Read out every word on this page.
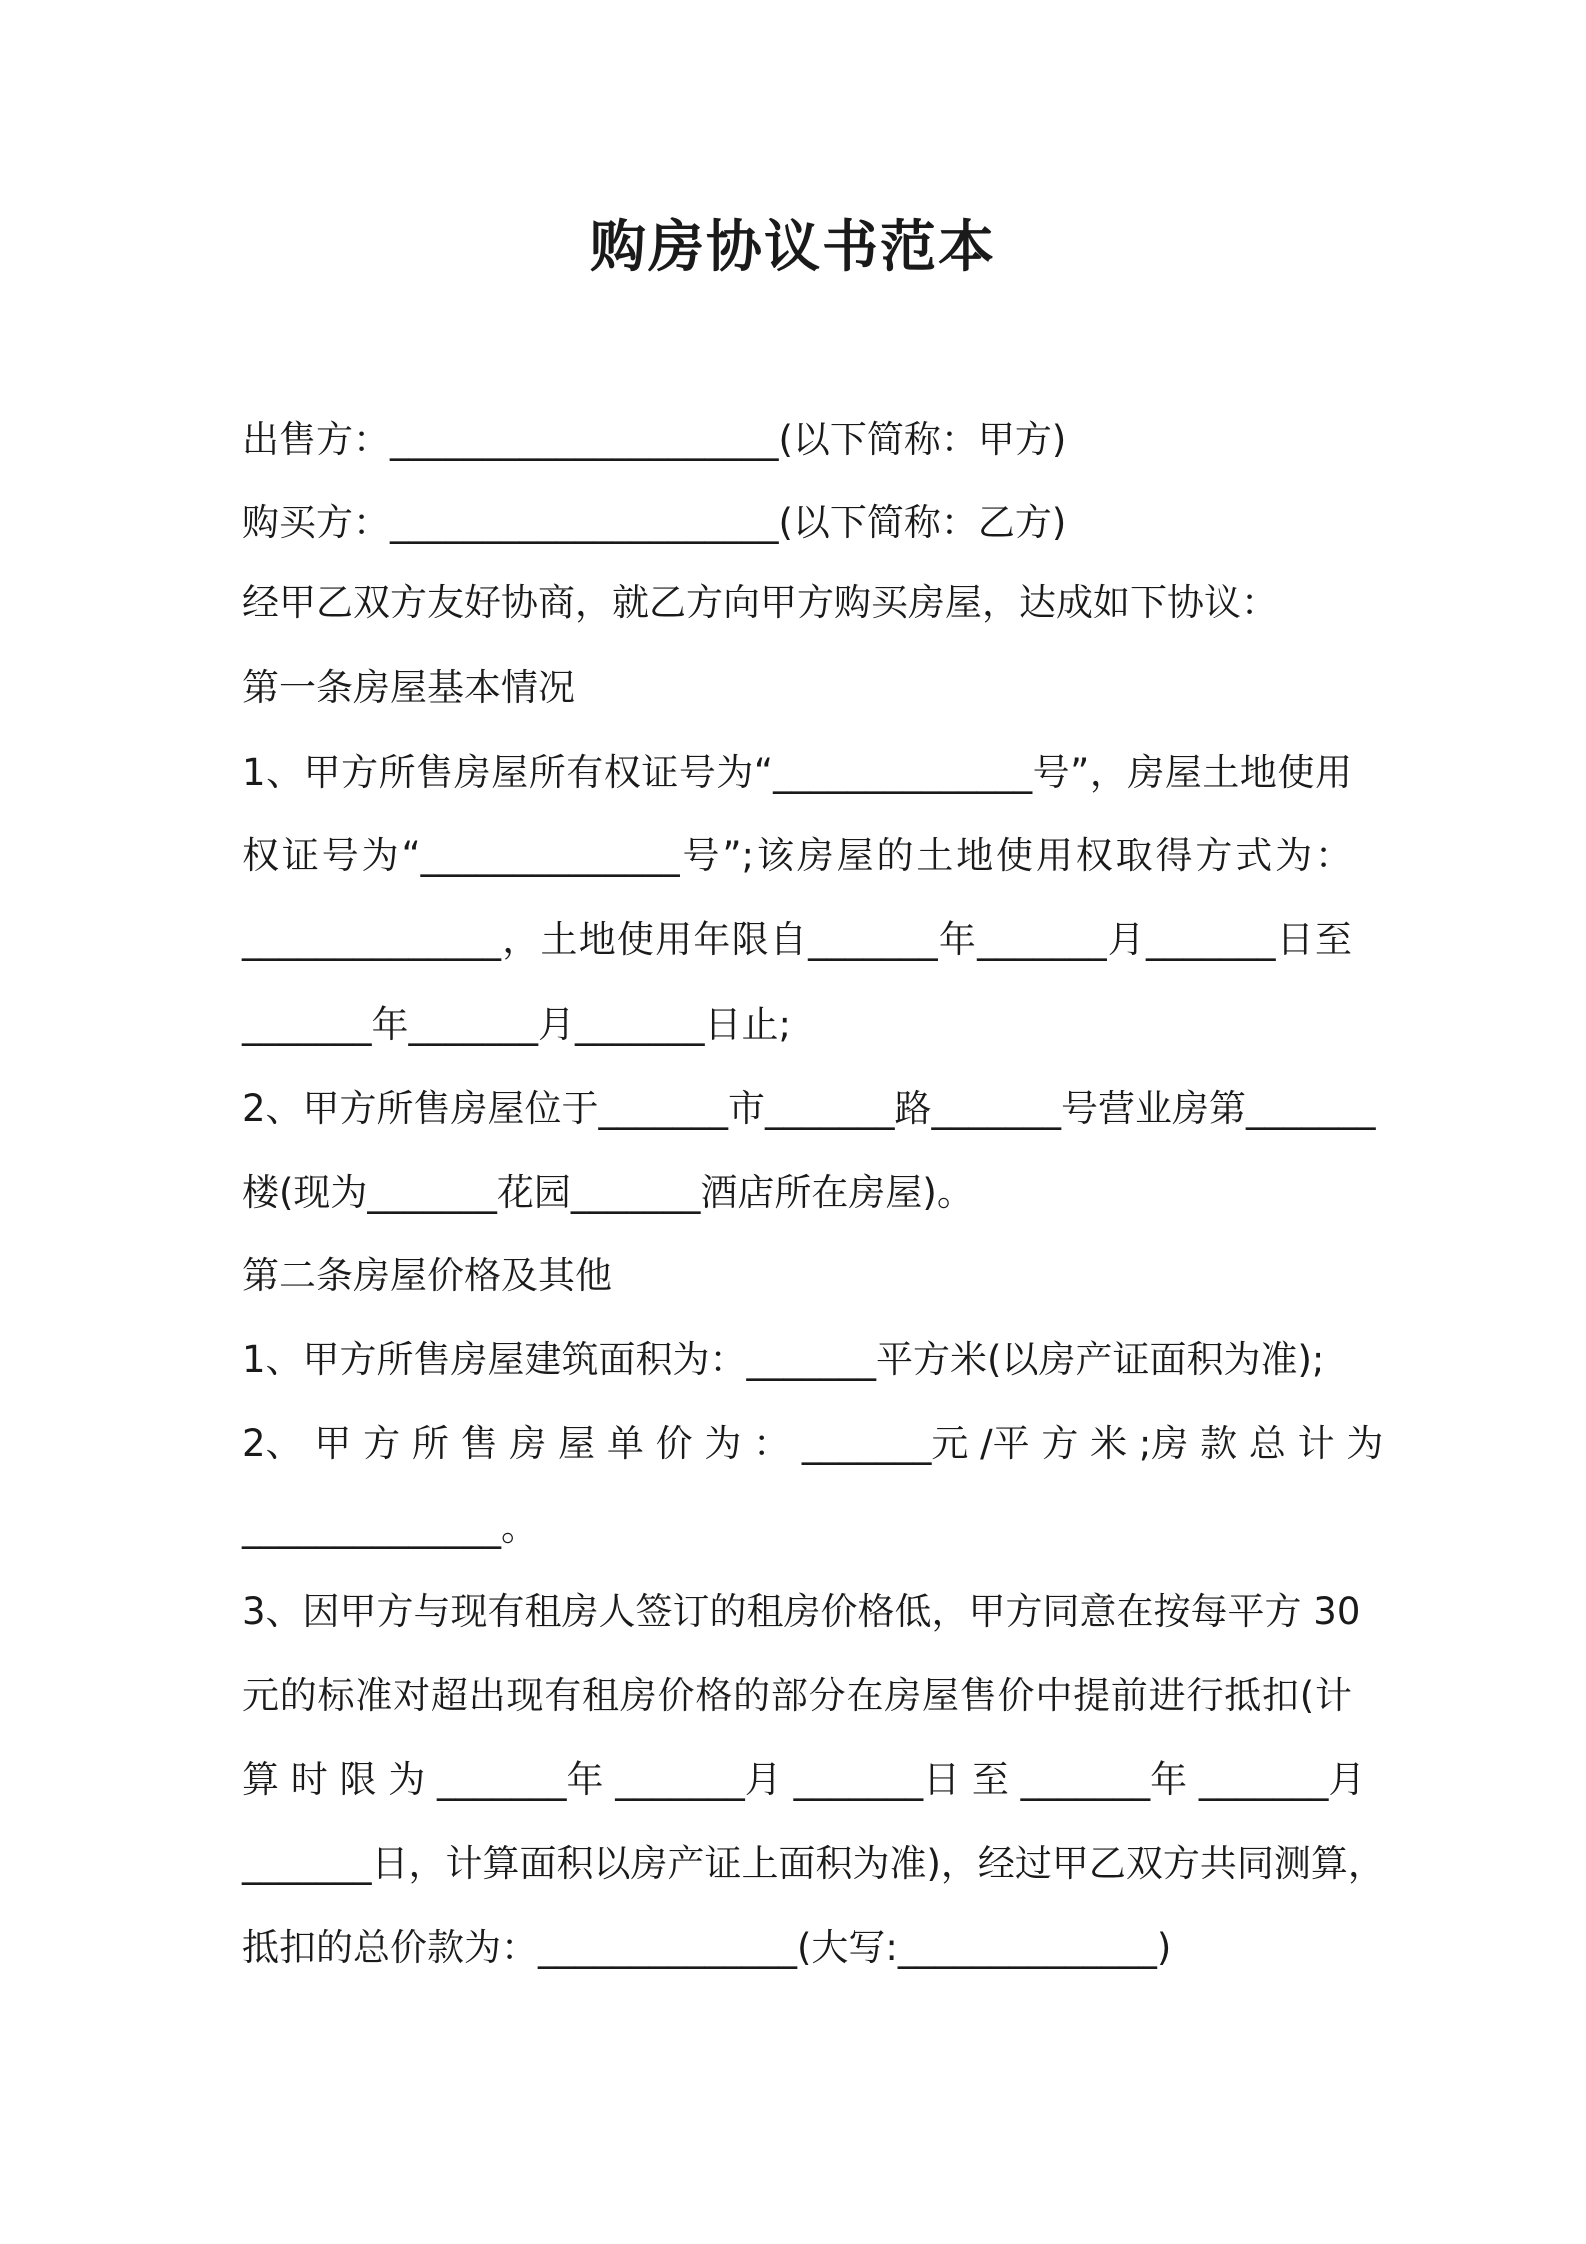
购房协议书范本

出售方：_____________________(以下简称：甲方)

购买方：_____________________(以下简称：乙方)

经甲乙双方友好协商，就乙方向甲方购买房屋，达成如下协议：

第一条房屋基本情况

1、甲方所售房屋所有权证号为“______________号”，房屋土地使用

权证号为“______________号”;该房屋的土地使用权取得方式为：

______________，土地使用年限自_______年_______月_______日至

_______年_______月_______日止;

2、甲方所售房屋位于_______市_______路_______号营业房第_______

楼(现为_______花园_______酒店所在房屋)。

第二条房屋价格及其他

1、甲方所售房屋建筑面积为：_______平方米(以房产证面积为准);

2、 甲 方 所 售 房 屋 单 价 为 ： _______元 /平 方 米 ;房 款 总 计 为

______________。

3、因甲方与现有租房人签订的租房价格低，甲方同意在按每平方 30

元的标准对超出现有租房价格的部分在房屋售价中提前进行抵扣(计

算 时 限 为 _______年 _______月 _______日 至 _______年 _______月

_______日，计算面积以房产证上面积为准)，经过甲乙双方共同测算，

抵扣的总价款为：______________(大写:______________)
